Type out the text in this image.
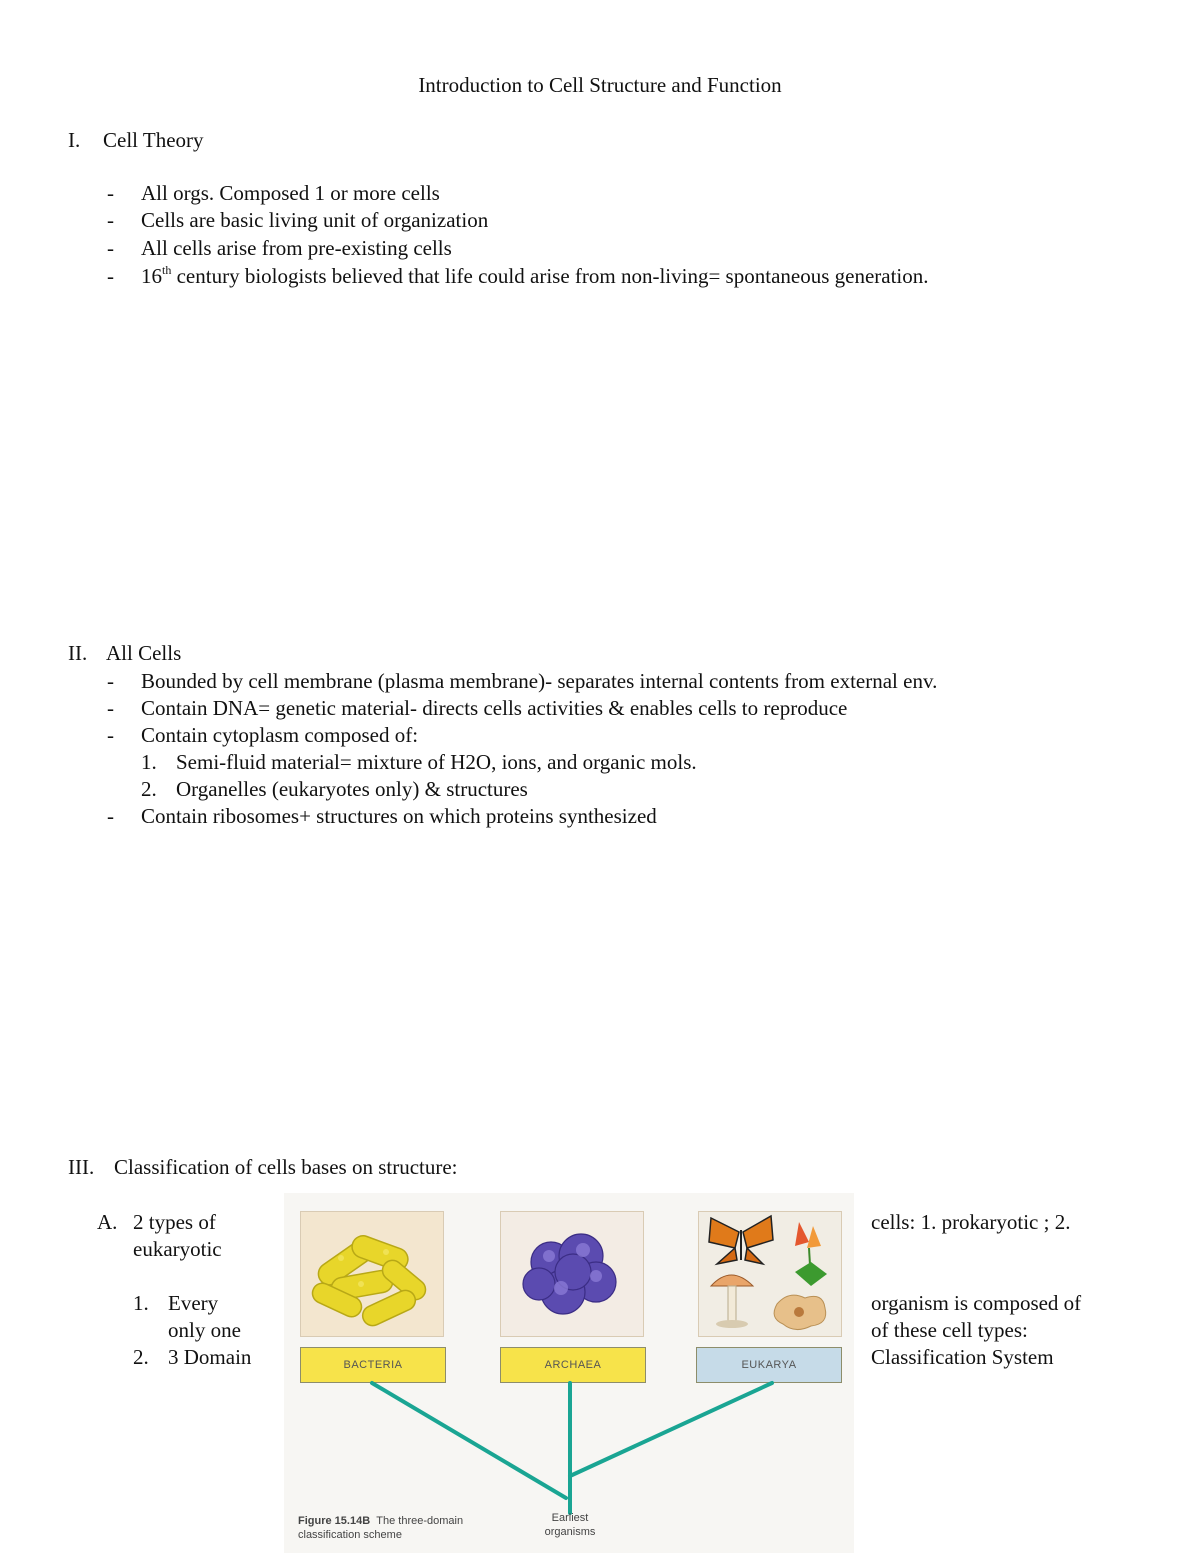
Introduction to Cell Structure and Function
I. Cell Theory
- All orgs. Composed 1 or more cells
- Cells are basic living unit of organization
- All cells arise from pre-existing cells
- 16th century biologists believed that life could arise from non-living= spontaneous generation.
II. All Cells
- Bounded by cell membrane (plasma membrane)- separates internal contents from external env.
- Contain DNA= genetic material- directs cells activities & enables cells to reproduce
- Contain cytoplasm composed of:
1. Semi-fluid material= mixture of H2O, ions, and organic mols.
2. Organelles (eukaryotes only) & structures
- Contain ribosomes+ structures on which proteins synthesized
III. Classification of cells bases on structure:
A. 2 types of
eukaryotic
1. Every
only one
2. 3 Domain
cells: 1. prokaryotic ; 2.
organism is composed of
of these cell types:
Classification System
BACTERIA	ARCHAEA	EUKARYA
Earliest
organisms
Figure 15.14B The three-domain
classification scheme
